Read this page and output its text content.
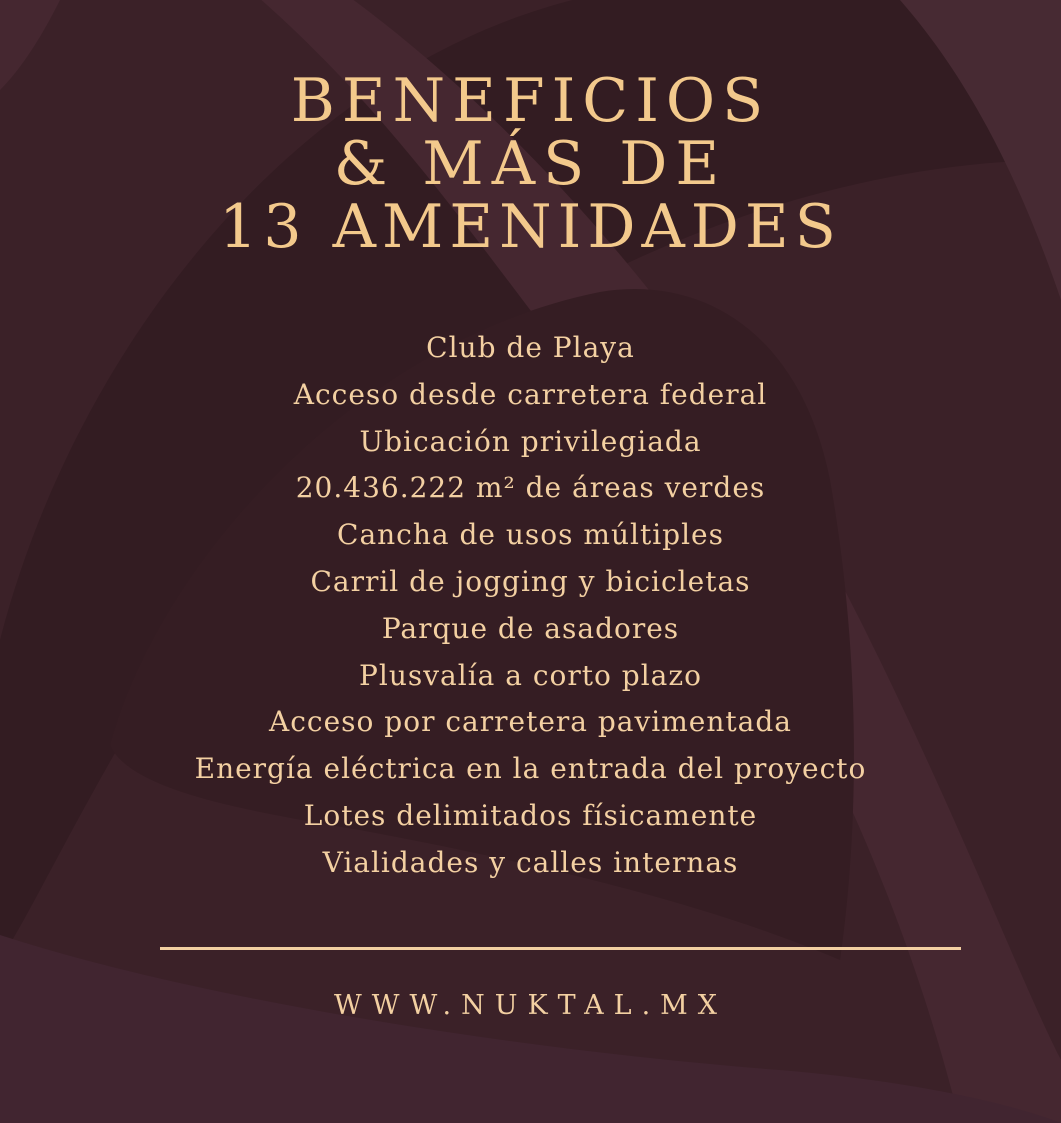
BENEFICIOS
& MÁS DE
13 AMENIDADES
Club de Playa
Acceso desde carretera federal
Ubicación privilegiada
20.436.222 m² de áreas verdes
Cancha de usos múltiples
Carril de jogging y bicicletas
Parque de asadores
Plusvalía a corto plazo
Acceso por carretera pavimentada
Energía eléctrica en la entrada del proyecto
Lotes delimitados físicamente
Vialidades y calles internas
WWW.NUKTAL.MX
